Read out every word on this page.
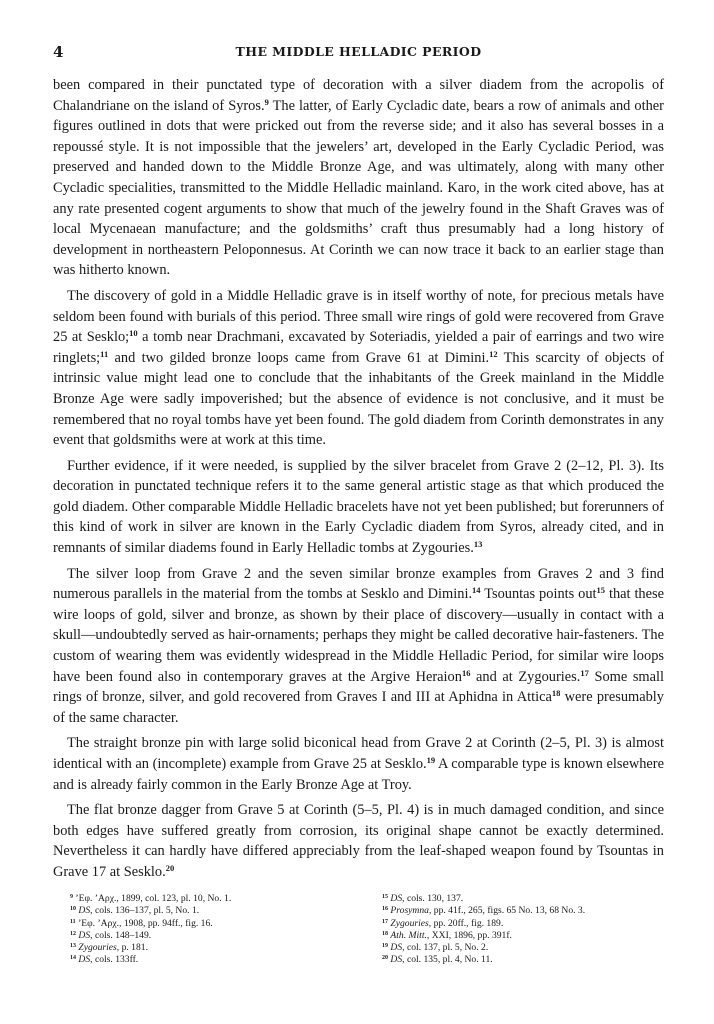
4	THE MIDDLE HELLADIC PERIOD

been compared in their punctated type of decoration with a silver diadem from the acropolis of Chalandriane on the island of Syros.$^9$ The latter, of Early Cycladic date, bears a row of animals and other figures outlined in dots that were pricked out from the reverse side; and it also has several bosses in a repoussé style. It is not impossible that the jewelers’ art, developed in the Early Cycladic Period, was preserved and handed down to the Middle Bronze Age, and was ultimately, along with many other Cycladic specialities, transmitted to the Middle Helladic mainland. Karo, in the work cited above, has at any rate presented cogent arguments to show that much of the jewelry found in the Shaft Graves was of local Mycenaean manufacture; and the goldsmiths’ craft thus presumably had a long history of development in northeastern Peloponnesus. At Corinth we can now trace it back to an earlier stage than was hitherto known.

The discovery of gold in a Middle Helladic grave is in itself worthy of note, for precious metals have seldom been found with burials of this period. Three small wire rings of gold were recovered from Grave 25 at Sesklo;$^{10}$ a tomb near Drachmani, excavated by Soteriadis, yielded a pair of earrings and two wire ringlets;$^{11}$ and two gilded bronze loops came from Grave 61 at Dimini.$^{12}$ This scarcity of objects of intrinsic value might lead one to conclude that the inhabitants of the Greek mainland in the Middle Bronze Age were sadly impoverished; but the absence of evidence is not conclusive, and it must be remembered that no royal tombs have yet been found. The gold diadem from Corinth demonstrates in any event that goldsmiths were at work at this time.

Further evidence, if it were needed, is supplied by the silver bracelet from Grave 2 (2–12, Pl. 3). Its decoration in punctated technique refers it to the same general artistic stage as that which produced the gold diadem. Other comparable Middle Helladic bracelets have not yet been published; but forerunners of this kind of work in silver are known in the Early Cycladic diadem from Syros, already cited, and in remnants of similar diadems found in Early Helladic tombs at Zygouries.$^{13}$

The silver loop from Grave 2 and the seven similar bronze examples from Graves 2 and 3 find numerous parallels in the material from the tombs at Sesklo and Dimini.$^{14}$ Tsountas points out$^{15}$ that these wire loops of gold, silver and bronze, as shown by their place of discovery—usually in contact with a skull—undoubtedly served as hair-ornaments; perhaps they might be called decorative hair-fasteners. The custom of wearing them was evidently widespread in the Middle Helladic Period, for similar wire loops have been found also in contemporary graves at the Argive Heraion$^{16}$ and at Zygouries.$^{17}$ Some small rings of bronze, silver, and gold recovered from Graves I and III at Aphidna in Attica$^{18}$ were presumably of the same character.

The straight bronze pin with large solid biconical head from Grave 2 at Corinth (2–5, Pl. 3) is almost identical with an (incomplete) example from Grave 25 at Sesklo.$^{19}$ A comparable type is known elsewhere and is already fairly common in the Early Bronze Age at Troy.

The flat bronze dagger from Grave 5 at Corinth (5–5, Pl. 4) is in much damaged condition, and since both edges have suffered greatly from corrosion, its original shape cannot be exactly determined. Nevertheless it can hardly have differed appreciably from the leaf-shaped weapon found by Tsountas in Grave 17 at Sesklo.$^{20}$

$^9$ ’Εφ. ’Αρχ., 1899, col. 123, pl. 10, No. 1.
$^{10}$ DS, cols. 136–137, pl. 5, No. 1.
$^{11}$ ’Εφ. ’Αρχ., 1908, pp. 94ff., fig. 16.
$^{12}$ DS, cols. 148–149.
$^{13}$ Zygouries, p. 181.
$^{14}$ DS, cols. 133ff.
$^{15}$ DS, cols. 130, 137.
$^{16}$ Prosymna, pp. 41f., 265, figs. 65 No. 13, 68 No. 3.
$^{17}$ Zygouries, pp. 20ff., fig. 189.
$^{18}$ Ath. Mitt., XXI, 1896, pp. 391f.
$^{19}$ DS, col. 137, pl. 5, No. 2.
$^{20}$ DS, col. 135, pl. 4, No. 11.
